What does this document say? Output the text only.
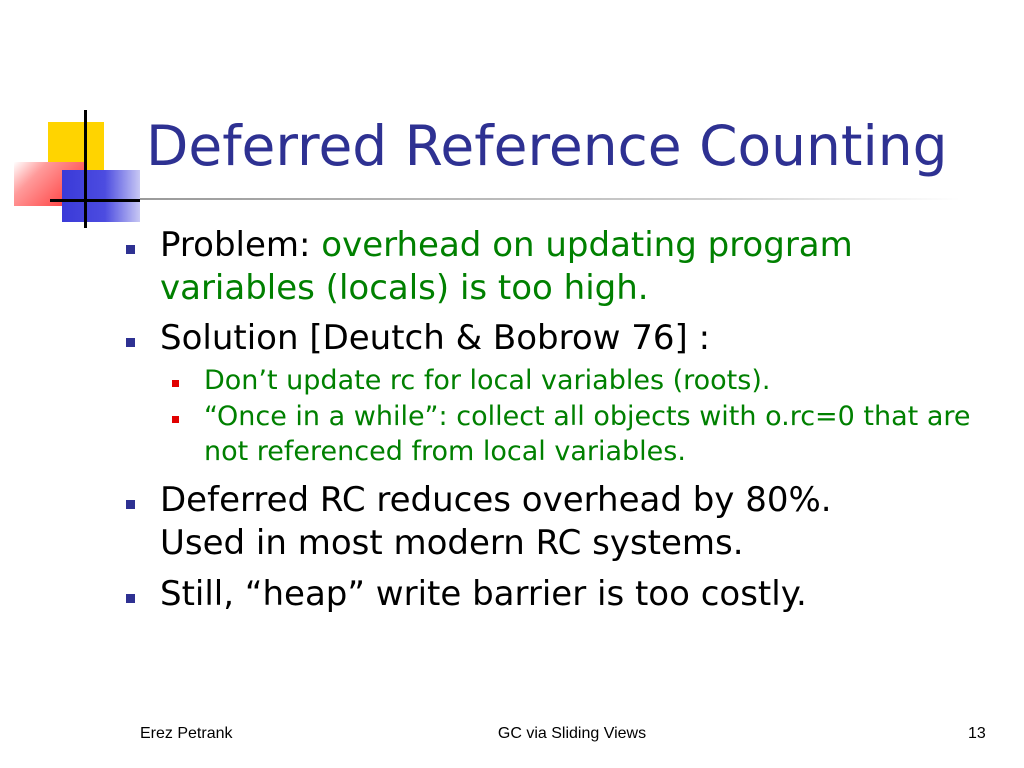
Deferred Reference Counting
Problem: overhead on updating program variables (locals) is too high.
Solution [Deutch & Bobrow 76] :
Don’t update rc for local variables (roots).
“Once in a while”: collect all objects with o.rc=0 that are not referenced from local variables.
Deferred RC reduces overhead by 80%.
Used in most modern RC systems.
Still, “heap” write barrier is too costly.
Erez Petrank	GC via Sliding Views	13
